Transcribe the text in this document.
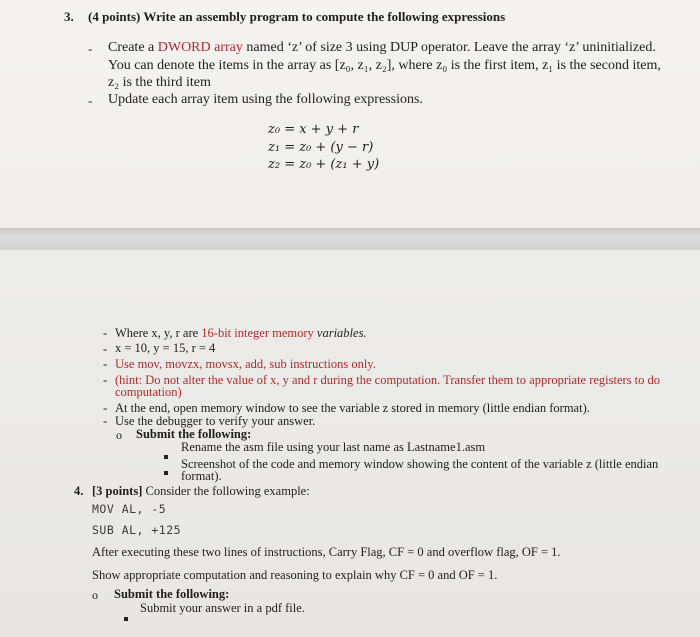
3. (4 points) Write an assembly program to compute the following expressions
- Create a DWORD array named ‘z’ of size 3 using DUP operator. Leave the array ‘z’ uninitialized.
You can denote the items in the array as [z₀, z₁, z₂], where z₀ is the first item, z₁ is the second item,
z₂ is the third item
- Update each array item using the following expressions.
z₀ = x + y + r
z₁ = z₀ + (y − r)
z₂ = z₀ + (z₁ + y)
- Where x, y, r are 16-bit integer memory variables.
- x = 10, y = 15, r = 4
- Use mov, movzx, movsx, add, sub instructions only.
- (hint: Do not alter the value of x, y and r during the computation. Transfer them to appropriate registers to do
computation)
- At the end, open memory window to see the variable z stored in memory (little endian format).
- Use the debugger to verify your answer.
o Submit the following:
Rename the asm file using your last name as Lastname1.asm
Screenshot of the code and memory window showing the content of the variable z (little endian
format).
4. [3 points] Consider the following example:
MOV AL, -5
SUB AL, +125
After executing these two lines of instructions, Carry Flag, CF = 0 and overflow flag, OF = 1.
Show appropriate computation and reasoning to explain why CF = 0 and OF = 1.
o Submit the following:
Submit your answer in a pdf file.
